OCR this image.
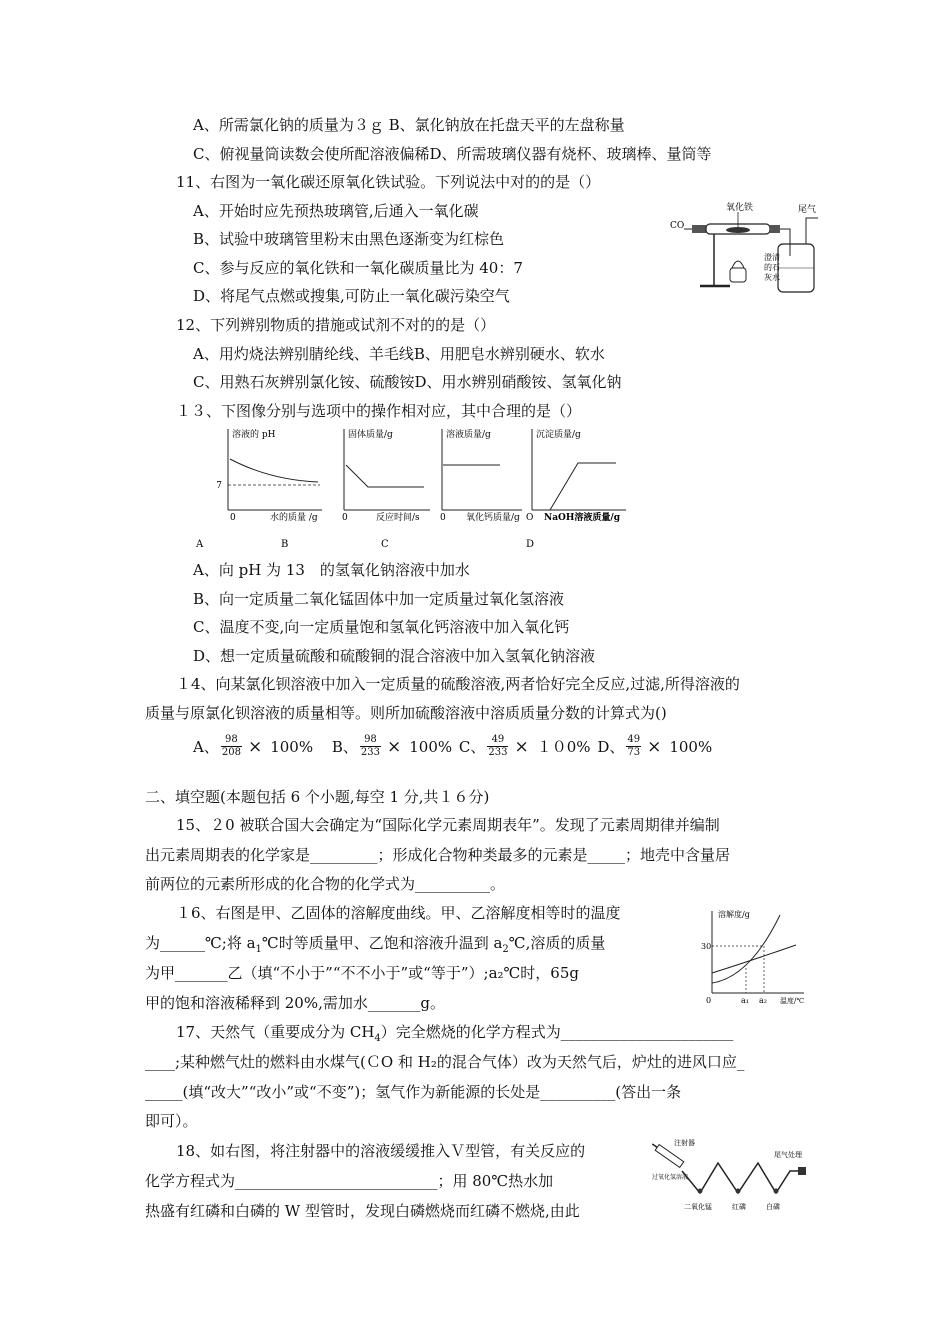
A、所需氯化钠的质量为３ｇ B、氯化钠放在托盘天平的左盘称量
C、俯视量筒读数会使所配溶液偏稀D、所需玻璃仪器有烧杯、玻璃棒、量筒等
11、右图为一氧化碳还原氧化铁试验。下列说法中对的的是（）
A、开始时应先预热玻璃管,后通入一氧化碳
B、试验中玻璃管里粉末由黑色逐渐变为红棕色
C、参与反应的氧化铁和一氧化碳质量比为 40：7
D、将尾气点燃或搜集,可防止一氧化碳污染空气
CO
氧化铁	尾气
澄清
的石
灰水
12、下列辨别物质的措施或试剂不对的的是（）
A、用灼烧法辨别腈纶线、羊毛线B、用肥皂水辨别硬水、软水
C、用熟石灰辨别氯化铵、硫酸铵D、用水辨别硝酸铵、氢氧化钠
１３、下图像分别与选项中的操作相对应，其中合理的是（）
溶液的 pH
7
0	水的质量 /g
A
固体质量/g
0	反应时间/s
B
溶液质量/g
0 氧化钙质量/g
C
沉淀质量/g
O NaOH溶液质量/g
D
A、向 pH 为 13　的氢氧化钠溶液中加水
B、向一定质量二氧化锰固体中加一定质量过氧化氢溶液
C、温度不变,向一定质量饱和氢氧化钙溶液中加入氧化钙
D、想一定质量硫酸和硫酸铜的混合溶液中加入氢氧化钠溶液
１4、向某氯化钡溶液中加入一定质量的硫酸溶液,两者恰好完全反应,过滤,所得溶液的
质量与原氯化钡溶液的质量相等。则所加硫酸溶液中溶质质量分数的计算式为()
A、 $\frac{98}{208} \times 100\%$ B、 $\frac{98}{233} \times 100\%$ C、 $\frac{49}{233} \times 100\%$ D、 $\frac{49}{73} \times 100\%$
二、填空题(本题包括 6 个小题,每空 1 分,共１６分)
15、２0 被联合国大会确定为“国际化学元素周期表年”。发现了元素周期律并编制
出元素周期表的化学家是_________；形成化合物种类最多的元素是_____；地壳中含量居
前两位的元素所形成的化合物的化学式为__________。
１6、右图是甲、乙固体的溶解度曲线。甲、乙溶解度相等时的温度
为______℃;将 $a_1℃$时等质量甲、乙饱和溶液升温到 $a_2℃$,溶质的质量
为甲_______乙（填“不小于”“不不小于”或“等于”）;a₂℃时，65g
甲的饱和溶液稀释到 20%,需加水_______g。
溶解度/g
30
0	a₁ a₂ 温度/℃
17、天然气（重要成分为 $CH_4$）完全燃烧的化学方程式为_______________________
____;某种燃气灶的燃料由水煤气(ＣO 和 H₂的混合气体）改为天然气后，炉灶的进风口应_
_____(填“改大”“改小”或“不变”)；氢气作为新能源的长处是__________(答出一条
即可）。
18、如右图，将注射器中的溶液缓缓推入Ｖ型管，有关反应的
化学方程式为___________________________；用 80℃热水加
热盛有红磷和白磷的 W 型管时，发现白磷燃烧而红磷不燃烧,由此
注射器
过氧化氢溶液
尾气处理
二氧化锰	红磷	白磷
